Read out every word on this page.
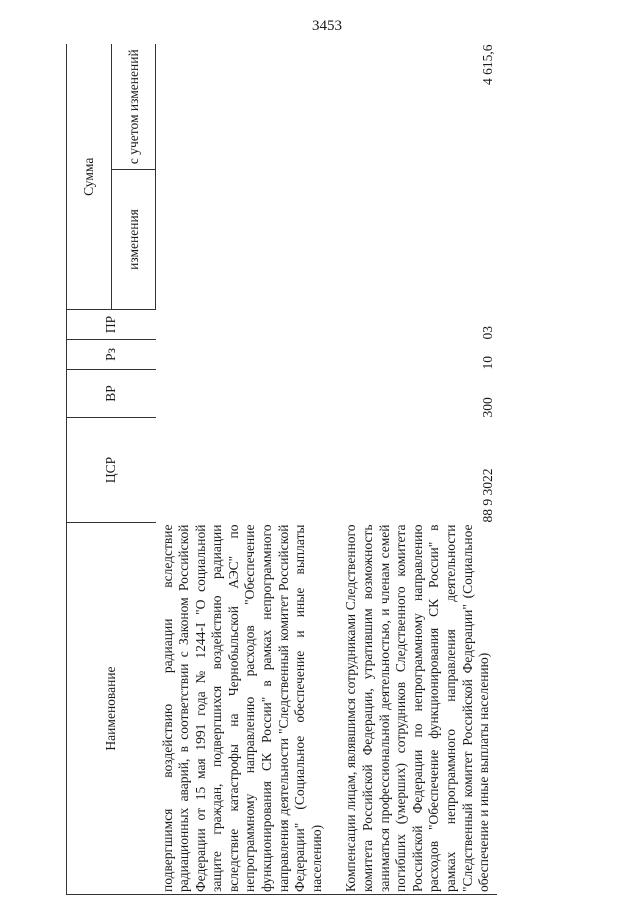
3453
Наименование	ЦСР	ВР	Рз	ПР	Сумма	
					изменения	с учетом изменений
подвергшимся воздействию радиации вследствие радиационных аварий, в соответствии с Законом Российской Федерации от 15 мая 1991 года № 1244-I "О социальной защите граждан, подвергшихся воздействию радиации вследствие катастрофы на Чернобыльской АЭС" по непрограммному направлению расходов "Обеспечение функционирования СК России" в рамках непрограммного направления деятельности "Следственный комитет Российской Федерации" (Социальное обеспечение и иные выплаты населению)						

Компенсации лицам, являвшимся сотрудниками Следственного комитета Российской Федерации, утратившим возможность заниматься профессиональной деятельностью, и членам семей погибших (умерших) сотрудников Следственного комитета Российской Федерации по непрограммному направлению расходов "Обеспечение функционирования СК России" в рамках непрограммного направления деятельности "Следственный комитет Российской Федерации" (Социальное обеспечение и иные выплаты населению)	88 9 3022	300	10	03		4 615,6
